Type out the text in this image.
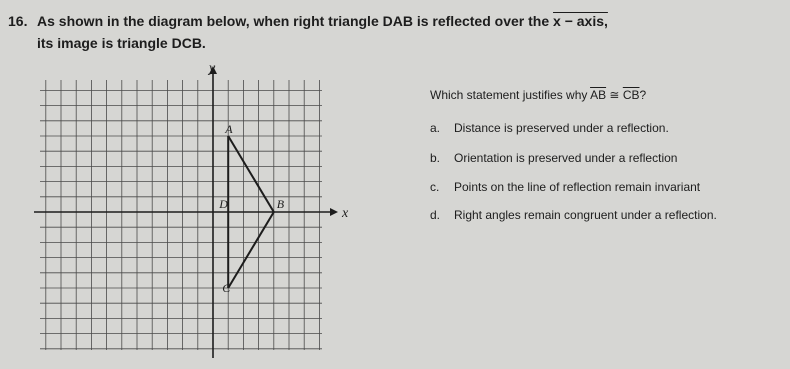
16. As shown in the diagram below, when right triangle DAB is reflected over the x − axis,
its image is triangle DCB.
y
x
A
B
C
D
Which statement justifies why $\overline{AB}$ ≅ $\overline{CB}$?
a. Distance is preserved under a reflection.
b. Orientation is preserved under a reflection
c. Points on the line of reflection remain invariant
d. Right angles remain congruent under a reflection.
